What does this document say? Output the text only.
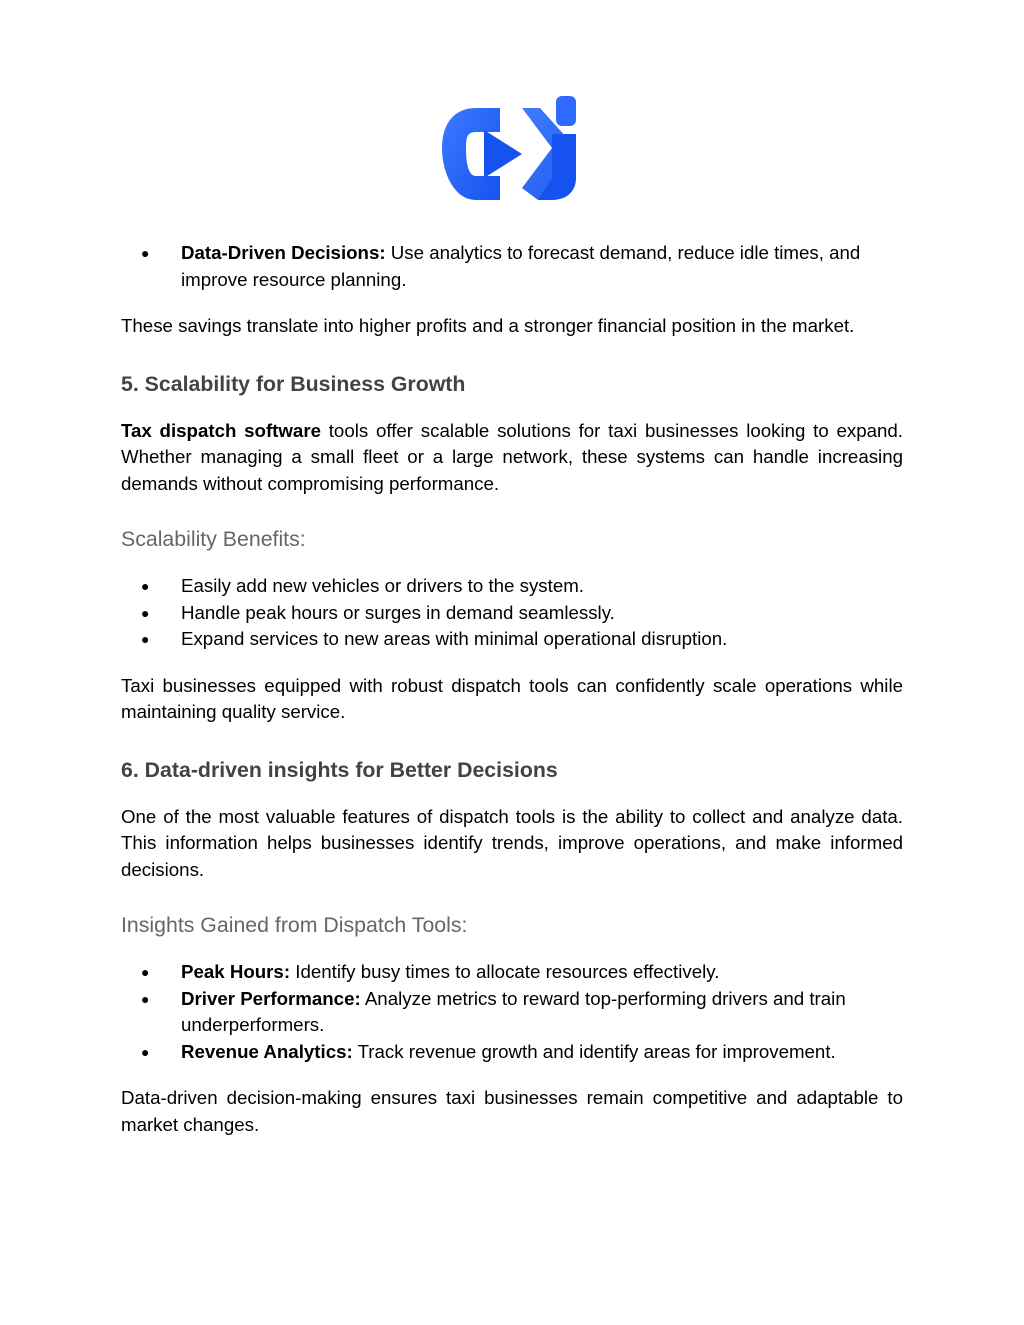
● Data-Driven Decisions: Use analytics to forecast demand, reduce idle times, and improve resource planning.

These savings translate into higher profits and a stronger financial position in the market.

5. Scalability for Business Growth

Tax dispatch software tools offer scalable solutions for taxi businesses looking to expand. Whether managing a small fleet or a large network, these systems can handle increasing demands without compromising performance.

Scalability Benefits:
● Easily add new vehicles or drivers to the system.
● Handle peak hours or surges in demand seamlessly.
● Expand services to new areas with minimal operational disruption.

Taxi businesses equipped with robust dispatch tools can confidently scale operations while maintaining quality service.

6. Data-driven insights for Better Decisions

One of the most valuable features of dispatch tools is the ability to collect and analyze data. This information helps businesses identify trends, improve operations, and make informed decisions.

Insights Gained from Dispatch Tools:
● Peak Hours: Identify busy times to allocate resources effectively.
● Driver Performance: Analyze metrics to reward top-performing drivers and train underperformers.
● Revenue Analytics: Track revenue growth and identify areas for improvement.

Data-driven decision-making ensures taxi businesses remain competitive and adaptable to market changes.
